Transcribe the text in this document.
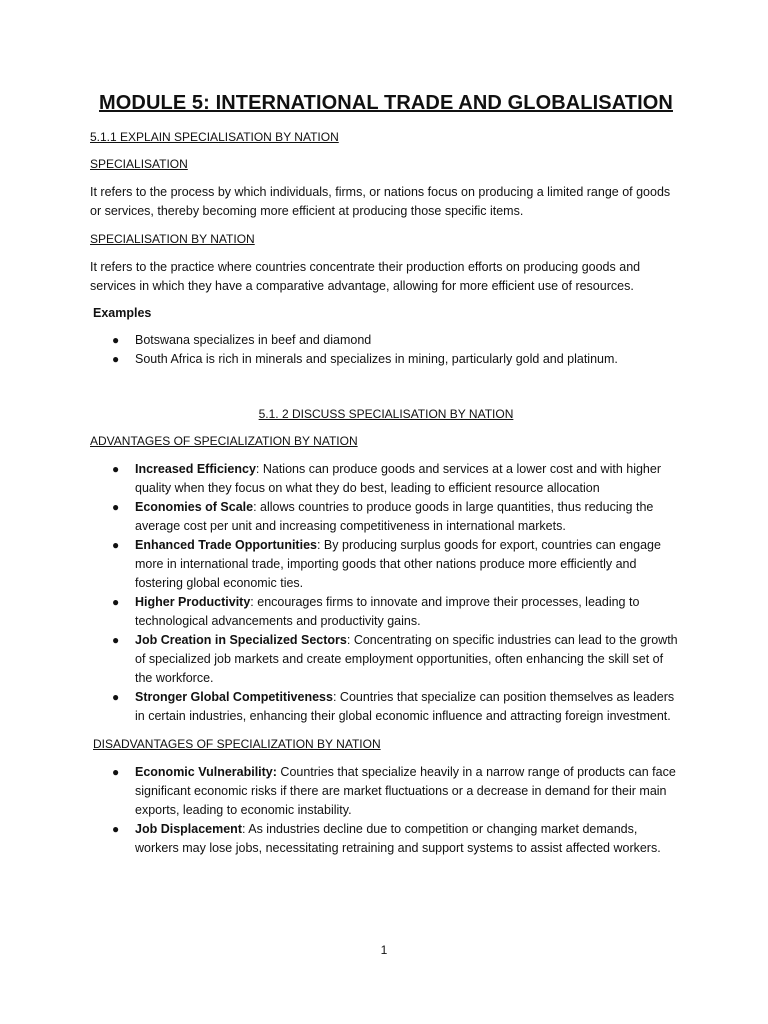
MODULE 5: INTERNATIONAL TRADE AND GLOBALISATION
5.1.1 EXPLAIN SPECIALISATION BY NATION
SPECIALISATION

It refers to the process by which individuals, firms, or nations focus on producing a limited range of goods or services, thereby becoming more efficient at producing those specific items.

SPECIALISATION BY NATION

It refers to the practice where countries concentrate their production efforts on producing goods and services in which they have a comparative advantage, allowing for more efficient use of resources.

Examples
● Botswana specializes in beef and diamond
● South Africa is rich in minerals and specializes in mining, particularly gold and platinum.
5.1. 2 DISCUSS SPECIALISATION BY NATION
ADVANTAGES OF SPECIALIZATION BY NATION
● Increased Efficiency: Nations can produce goods and services at a lower cost and with higher quality when they focus on what they do best, leading to efficient resource allocation
● Economies of Scale: allows countries to produce goods in large quantities, thus reducing the average cost per unit and increasing competitiveness in international markets.
● Enhanced Trade Opportunities: By producing surplus goods for export, countries can engage more in international trade, importing goods that other nations produce more efficiently and fostering global economic ties.
● Higher Productivity: encourages firms to innovate and improve their processes, leading to technological advancements and productivity gains.
● Job Creation in Specialized Sectors: Concentrating on specific industries can lead to the growth of specialized job markets and create employment opportunities, often enhancing the skill set of the workforce.
● Stronger Global Competitiveness: Countries that specialize can position themselves as leaders in certain industries, enhancing their global economic influence and attracting foreign investment.
DISADVANTAGES OF SPECIALIZATION BY NATION
● Economic Vulnerability: Countries that specialize heavily in a narrow range of products can face significant economic risks if there are market fluctuations or a decrease in demand for their main exports, leading to economic instability.
● Job Displacement: As industries decline due to competition or changing market demands, workers may lose jobs, necessitating retraining and support systems to assist affected workers.
1
